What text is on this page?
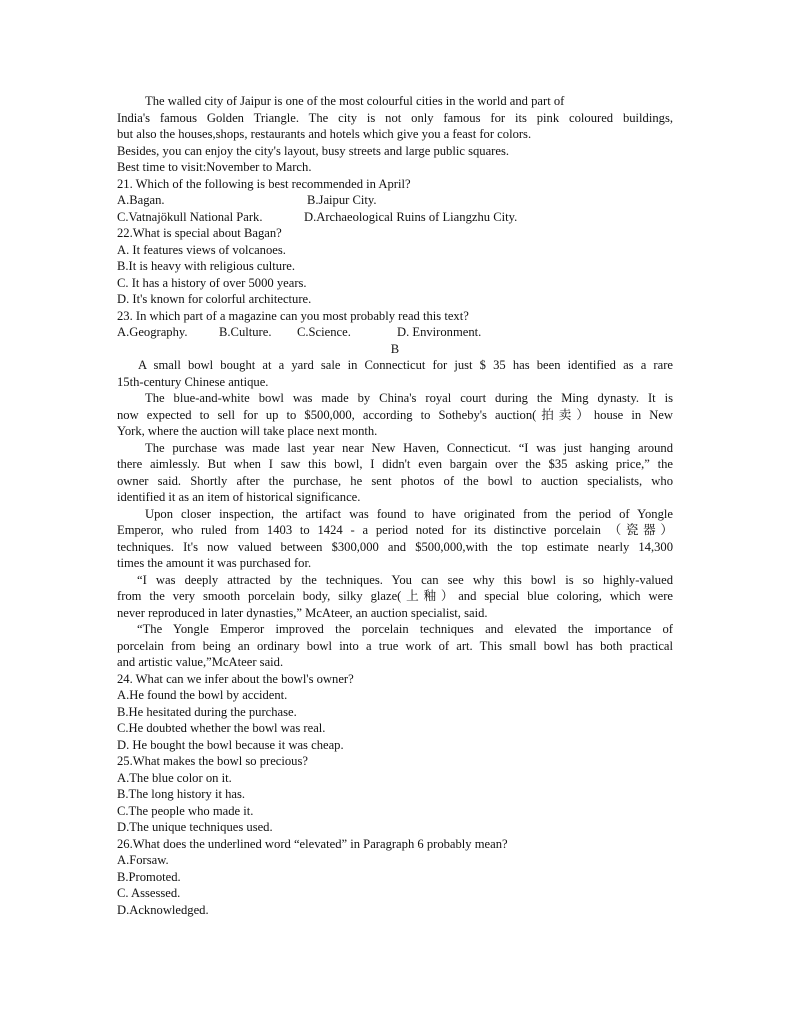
The walled city of Jaipur is one of the most colourful cities in the world and part of
India's famous Golden Triangle. The city is not only famous for its pink coloured buildings,
but also the houses,shops, restaurants and hotels which give you a feast for colors.
Besides, you can enjoy the city's layout, busy streets and large public squares.
Best time to visit:November to March.
21. Which of the following is best recommended in April?
A.Bagan.	B.Jaipur City.
C.Vatnajökull National Park.	D.Archaeological Ruins of Liangzhu City.
22.What is special about Bagan?
A. It features views of volcanoes.
B.It is heavy with religious culture.
C. It has a history of over 5000 years.
D. It's known for colorful architecture.
23. In which part of a magazine can you most probably read this text?
A.Geography. B.Culture. C.Science.	D. Environment.
B
A small bowl bought at a yard sale in Connecticut for just $ 35 has been identified as a rare
15th-century Chinese antique.
The blue-and-white bowl was made by China's royal court during the Ming dynasty. It is
now expected to sell for up to $500,000, according to Sotheby's auction(拍卖）house in New
York, where the auction will take place next month.
The purchase was made last year near New Haven, Connecticut. “I was just hanging around
there aimlessly. But when I saw this bowl, I didn't even bargain over the $35 asking price,” the
owner said. Shortly after the purchase, he sent photos of the bowl to auction specialists, who
identified it as an item of historical significance.
Upon closer inspection, the artifact was found to have originated from the period of Yongle
Emperor, who ruled from 1403 to 1424 - a period noted for its distinctive porcelain （瓷器）
techniques. It's now valued between $300,000 and $500,000,with the top estimate nearly 14,300
times the amount it was purchased for.
“I was deeply attracted by the techniques. You can see why this bowl is so highly-valued
from the very smooth porcelain body, silky glaze(上釉）and special blue coloring, which were
never reproduced in later dynasties,” McAteer, an auction specialist, said.
“The Yongle Emperor improved the porcelain techniques and elevated the importance of
porcelain from being an ordinary bowl into a true work of art. This small bowl has both practical
and artistic value,”McAteer said.
24. What can we infer about the bowl's owner?
A.He found the bowl by accident.
B.He hesitated during the purchase.
C.He doubted whether the bowl was real.
D. He bought the bowl because it was cheap.
25.What makes the bowl so precious?
A.The blue color on it.
B.The long history it has.
C.The people who made it.
D.The unique techniques used.
26.What does the underlined word “elevated” in Paragraph 6 probably mean?
A.Forsaw.
B.Promoted.
C. Assessed.
D.Acknowledged.
